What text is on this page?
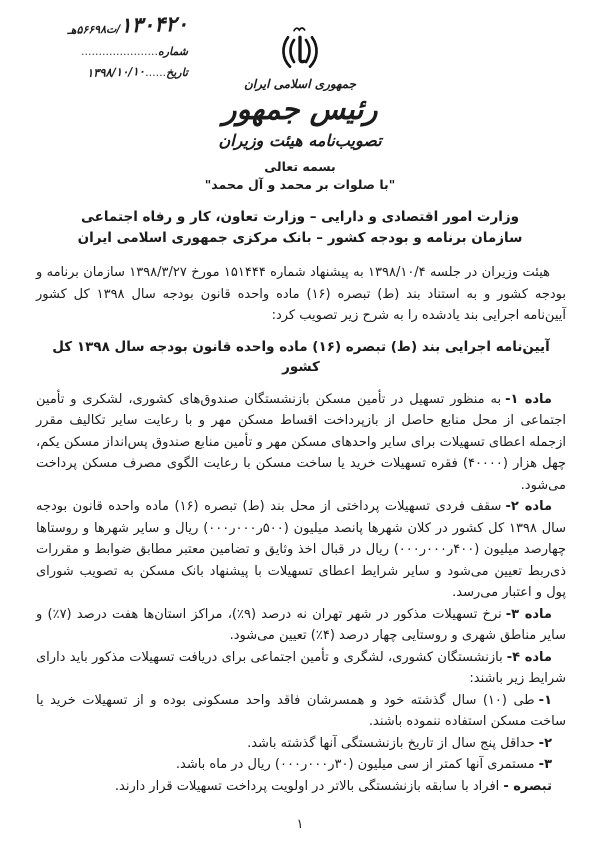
۱۳۰۴۲۰/ت۵۶۶۹۸هـ
شماره......................
تاریخ......۱۳۹۸/۱۰/۱۰
جمهوری اسلامی ایران
رئیس جمهور
تصویب‌نامه هیئت وزیران
بسمه تعالی
"با صلوات بر محمد و آل محمد"
وزارت امور اقتصادی و دارایی – وزارت تعاون، کار و رفاه اجتماعی
سازمان برنامه و بودجه کشور – بانک مرکزی جمهوری اسلامی ایران

هیئت وزیران در جلسه ۱۳۹۸/۱۰/۴ به پیشنهاد شماره ۱۵۱۴۴۴ مورخ ۱۳۹۸/۳/۲۷ سازمان برنامه و بودجه کشور و به استناد بند (ط) تبصره (۱۶) ماده واحده قانون بودجه سال ۱۳۹۸ کل کشور آیین‌نامه اجرایی بند یادشده را به شرح زیر تصویب کرد:

آیین‌نامه اجرایی بند (ط) تبصره (۱۶) ماده واحده قانون بودجه سال ۱۳۹۸ کل کشور

ماده ۱-به منظور تسهیل در تأمین مسکن بازنشستگان صندوق‌های کشوری، لشکری و تأمین اجتماعی از محل منابع حاصل از بازپرداخت اقساط مسکن مهر و با رعایت سایر تکالیف مقرر ازجمله اعطای تسهیلات برای سایر واحدهای مسکن مهر و تأمین منابع صندوق پس‌انداز مسکن یکم، چهل هزار (۴۰۰۰۰) فقره تسهیلات خرید یا ساخت مسکن با رعایت الگوی مصرف مسکن پرداخت می‌شود.

ماده ۲-سقف فردی تسهیلات پرداختی از محل بند (ط) تبصره (۱۶) ماده واحده قانون بودجه سال ۱۳۹۸ کل کشور در کلان شهرها پانصد میلیون (۵۰۰ر۰۰۰ر۰۰۰) ریال و سایر شهرها و روستاها چهارصد میلیون (۴۰۰ر۰۰۰ر۰۰۰) ریال در قبال اخذ وثایق و تضامین معتبر مطابق ضوابط و مقررات ذی‌ربط تعیین می‌شود و سایر شرایط اعطای تسهیلات با پیشنهاد بانک مسکن به تصویب شورای پول و اعتبار می‌رسد.

ماده ۳-نرخ تسهیلات مذکور در شهر تهران نه درصد (۹٪)، مراکز استان‌ها هفت درصد (۷٪) و سایر مناطق شهری و روستایی چهار درصد (۴٪) تعیین می‌شود.

ماده ۴-بازنشستگان کشوری، لشگری و تأمین اجتماعی برای دریافت تسهیلات مذکور باید دارای شرایط زیر باشند:

۱-طی (۱۰) سال گذشته خود و همسرشان فاقد واحد مسکونی بوده و از تسهیلات خرید یا ساخت مسکن استفاده ننموده باشند.

۲-حداقل پنج سال از تاریخ بازنشستگی آنها گذشته باشد.

۳-مستمری آنها کمتر از سی میلیون (۳۰ر۰۰۰ر۰۰۰) ریال در ماه باشد.

تبصره -افراد با سابقه بازنشستگی بالاتر در اولویت پرداخت تسهیلات قرار دارند.

۱
